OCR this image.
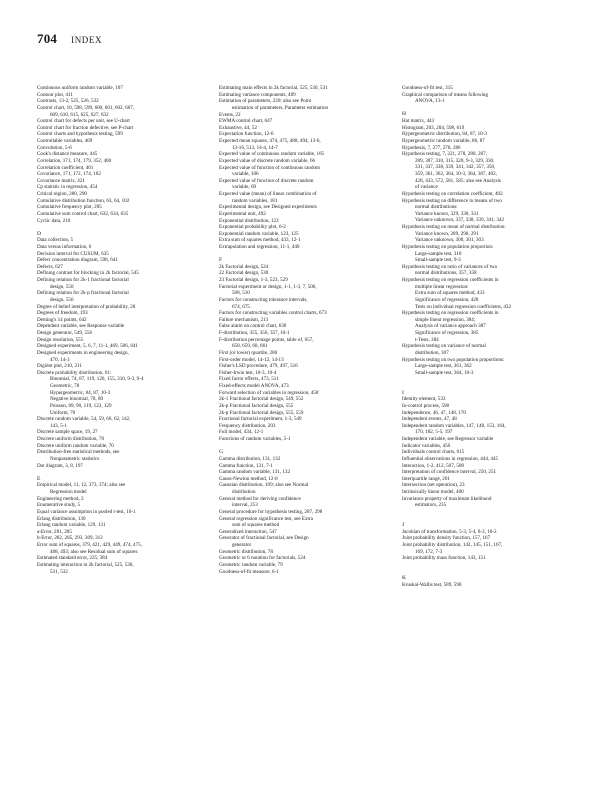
704 INDEX
Continuous uniform random variable, 107
Contour plot, 411
Contrasts, 13-2, 525, 526, 532
Control chart, 10, 598, 599, 600, 601, 602, 607,
609, 610, 615, 625, 627, 632
Control chart for defects per unit, see U-chart
Control chart for fraction defective, see P-chart
Control charts and hypothesis testing, 599
Controllable variables, 469
Convolution, 5-6
Cook's distance measure, 445
Correlation, 171, 174, 179, 352, 400
Correlation coefficient, 401
Covariance, 171, 172, 174, 182
Covariance matrix, 421
Cp statistic in regression, 454
Critical region, 280, 290
Cumulative distribution function, 63, 64, 102
Cumulative frequency plot, 205
Cumulative sum control chart, 632, 634, 635
Cyclic data, 210
D
Data collection, 5
Data versus information, 6
Decision interval for CUSUM, 635
Defect concentration diagram, 598, 641
Defects, 627
Defining contrast for blocking in 2k factorial, 545
Defining relation for 2k-1 fractional factorial
design, 550
Defining relation for 2k-p fractional factorial
design, 556
Degree of belief interpretation of probability, 28
Degrees of freedom, 193
Deming's 14 points, 642
Dependent variable, see Response variable
Design generator, 549, 556
Design resolution, 555
Designed experiment, 5, 6, 7, 11-1, 469, 506, 641
Designed experiments in engineering design,
470, 14-3
Digidot plot, 210, 211
Discrete probability distribution, 61:
Binomial, 74, 87, 119, 120, 155, 310, 9-3, 9-4
Geometric, 78
Hypergeometric, 84, 87, 10-3
Negative binomial, 78, 80
Poisson, 89, 90, 119, 123, 129
Uniform, 70
Discrete random variable, 54, 59, 60, 62, 142,
143, 5-1
Discrete sample space, 19, 27
Discrete uniform distribution, 70
Discrete uniform random variable, 70
Distribution-free statistical methods, see
Nonparametric statistics
Dot diagram, 3, 8, 197
E
Empirical model, 11, 12, 373, 374; also see
Regression model
Engineering method, 2
Enumerative study, 5
Equal variance assumption in pooled t-test, 10-1
Erlang distribution, 130
Erlang random variable, 129, 131
a-Error, 281, 285
b-Error, 282, 285, 293, 309, 312
Error sum of squares, 379, 421, 429, 449, 474, 475,
488, 493; also see Residual sum of squares
Estimated standard error, 225, 384
Estimating interaction in 2k factorial, 525, 530,
531, 532
Estimating main effects in 2k factorial, 525, 530, 531
Estimating variance components, 489
Estimation of parameters, 220; also see Point
estimation of parameters, Parameter estimation
Events, 22
EWMA control chart, 647
Exhaustive, 44, 52
Expectation function, 12-6
Expected mean squares, 474, 475, 488, 494, 13-6,
13-16, 513, 14-4, 14-7
Expected value of continuous random variable, 105
Expected value of discrete random variable, 66
Expected value of function of continuous random
variable, 106
Expected value of function of discrete random
variable, 69
Expected value (mean) of linear combination of
random variables, 181
Experimental design, see Designed experiments
Experimental unit, 492
Exponential distribution, 123
Exponential probability plot, 6-2
Exponential random variable, 123, 125
Extra sum of squares method, 433, 12-1
Extrapolation and regression, 11-1, 440
F
2k Factorial design, 524
22 Factorial design, 530
23 Factorial design, 1-3, 523, 529
Factorial experiment or design, 1-1, 1-3, 7, 506,
508, 510
Factors for constructing tolerance intervals,
674, 675
Factors for constructing variables control charts, 673
Failure mechanism, 213
False alarm on control chart, 630
F-distribution, 355, 356, 357, 10-1
F-distribution percentage points, table of, 657,
658, 659, 60, 661
First (or lower) quartile, 200
First-order model, 14-12, 14-13
Fisher's LSD procedure, 479, 497, 516
Fisher-Irwin test, 10-3, 10-4
Fixed factor effects, 473, 511
Fixed-effects model ANOVA, 473
Forward selection of variables in regression, 458
2k-1 Fractional factorial design, 549, 552
2k-p Fractional factorial design, 555
2k-p Fractional factorial design, 555, 559
Fractional factorial experiment, 1-3, 549
Frequency distribution, 203
Full model, 434, 12-1
Functions of random variables, 5-1
G
Gamma distribution, 131, 132
Gamma function, 131, 7-1
Gamma random variable, 131, 132
Gauss-Newton method, 12-8
Gaussian distribution, 109; also see Normal
distribution
General method for deriving confidence
interval, 253
General procedure for hypothesis testing, 287, 298
General regression significance test, see Extra
sum of squares method
Generalized interaction, 547
Generator of fractional factorial, see Design
generator
Geometric distribution, 78
Geometric or 6 notation for factorials, 524
Geometric random variable, 79
Goodness-of-fit measure, 6-1
Goodness-of-fit test, 315
Graphical comparison of means following
ANOVA, 13-1
H
Hat matrix, 443
Histogram, 203, 204, 598, 619
Hypergeometric distribution, 84, 87, 10-3
Hypergeometric random variable, 86, 87
Hypothesis, 7, 277, 278, 286
Hypothesis testing, 7, 221, 278, 280, 287,
289, 307, 310, 315, 320, 9-3, 329, 330,
331, 337, 338, 339, 341, 342, 357, 358,
359, 361, 362, 364, 10-3, 384, 387, 402,
428, 433, 572, 581, 585; also see Analysis
of variance
Hypothesis testing on correlation coefficient, 402
Hypothesis testing on difference in means of two
normal distributions:
Variance known, 329, 330, 331
Variance unknown, 337, 338, 339, 341, 342
Hypothesis testing on mean of normal distribution:
Variance known, 289, 290, 291
Variance unknown, 300, 301, 303
Hypothesis testing on population proportion:
Large-sample test, 310
Small-sample test, 9-3
Hypothesis testing on ratio of variances of two
normal distributions, 357, 358
Hypothesis testing on regression coefficients in
multiple linear regression:
Extra sum of squares method, 433
Significance of regression, 428
Tests on individual regression coefficients, 432
Hypothesis testing on regression coefficients in
simple linear regression, 384;
Analysis of variance approach 387
Significance of regression, 385
t-Tests, 384
Hypothesis testing on variance of normal
distribution, 307
Hypothesis testing on two population proportions:
Large-sample test, 361, 362
Small-sample test, 364, 10-3
I
Identity element, 533
In-control process, 598
Independence, 46, 47, 148, 170
Independent events, 47, 48
Independent random variables, 147, 148, 153, 164,
170, 182, 5-5, 197
Independent variable, see Regressor variable
Indicator variables, 450
Individuals control charts, 615
Influential observations in regression, 444, 445
Interaction, 1-2, 412, 507, 508
Interpretation of confidence interval, 250, 251
Interquartile range, 201
Intersection (set operation), 23
Intrinsically linear model, 400
Invariance property of maximum likelihood
estimators, 235
J
Jacobian of transformation, 5-3, 5-4, 8-3, 10-2
Joint probability density function, 157, 167
Joint probability distribution, 142, 145, 151, 167,
169, 172, 7-3
Joint probability mass function, 143, 151
K
Kruskal-Wallis test, 589, 590
